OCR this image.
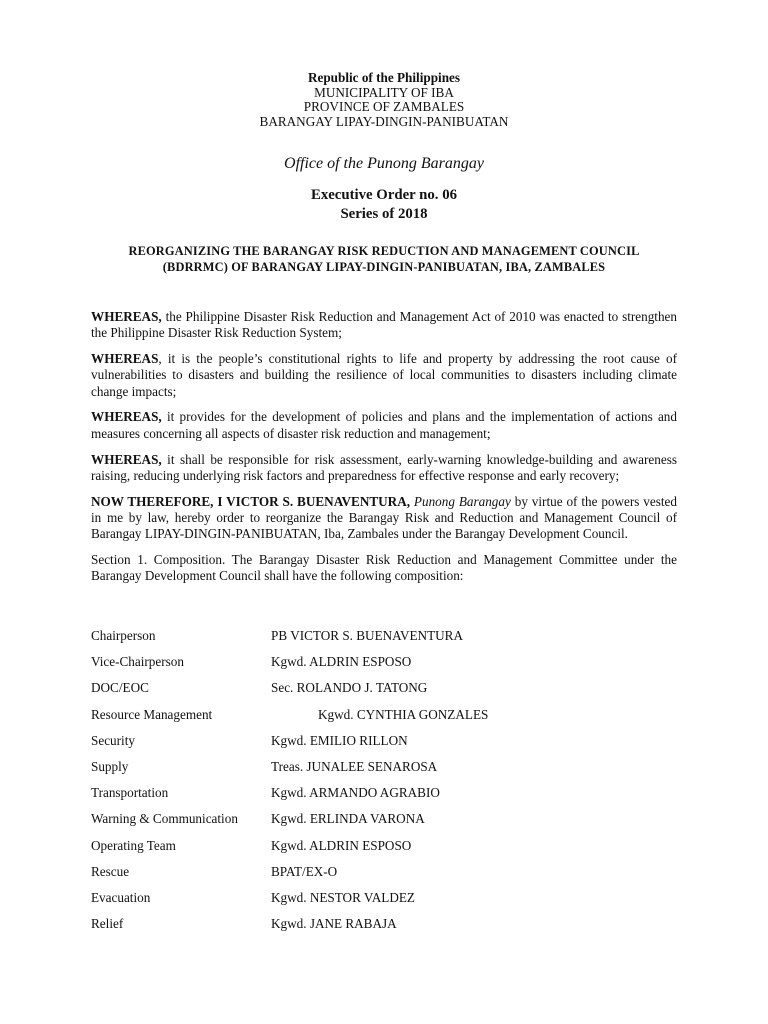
Republic of the Philippines
MUNICIPALITY OF IBA
PROVINCE OF ZAMBALES
BARANGAY LIPAY-DINGIN-PANIBUATAN
Office of the Punong Barangay
Executive Order no. 06
Series of 2018
REORGANIZING THE BARANGAY RISK REDUCTION AND MANAGEMENT COUNCIL
(BDRRMC) OF BARANGAY LIPAY-DINGIN-PANIBUATAN, IBA, ZAMBALES

WHEREAS, the Philippine Disaster Risk Reduction and Management Act of 2010 was enacted to strengthen the Philippine Disaster Risk Reduction System;

WHEREAS, it is the people’s constitutional rights to life and property by addressing the root cause of vulnerabilities to disasters and building the resilience of local communities to disasters including climate change impacts;

WHEREAS, it provides for the development of policies and plans and the implementation of actions and measures concerning all aspects of disaster risk reduction and management;

WHEREAS, it shall be responsible for risk assessment, early-warning knowledge-building and awareness raising, reducing underlying risk factors and preparedness for effective response and early recovery;

NOW THEREFORE, I VICTOR S. BUENAVENTURA, Punong Barangay by virtue of the powers vested in me by law, hereby order to reorganize the Barangay Risk and Reduction and Management Council of Barangay LIPAY-DINGIN-PANIBUATAN, Iba, Zambales under the Barangay Development Council.

Section 1. Composition. The Barangay Disaster Risk Reduction and Management Committee under the Barangay Development Council shall have the following composition:

Chairperson	PB VICTOR S. BUENAVENTURA
Vice-Chairperson	Kgwd. ALDRIN ESPOSO
DOC/EOC	Sec. ROLANDO J. TATONG
Resource Management	Kgwd. CYNTHIA GONZALES
Security	Kgwd. EMILIO RILLON
Supply	Treas. JUNALEE SENAROSA
Transportation	Kgwd. ARMANDO AGRABIO
Warning & Communication	Kgwd. ERLINDA VARONA
Operating Team	Kgwd. ALDRIN ESPOSO
Rescue	BPAT/EX-O
Evacuation	Kgwd. NESTOR VALDEZ
Relief	Kgwd. JANE RABAJA
